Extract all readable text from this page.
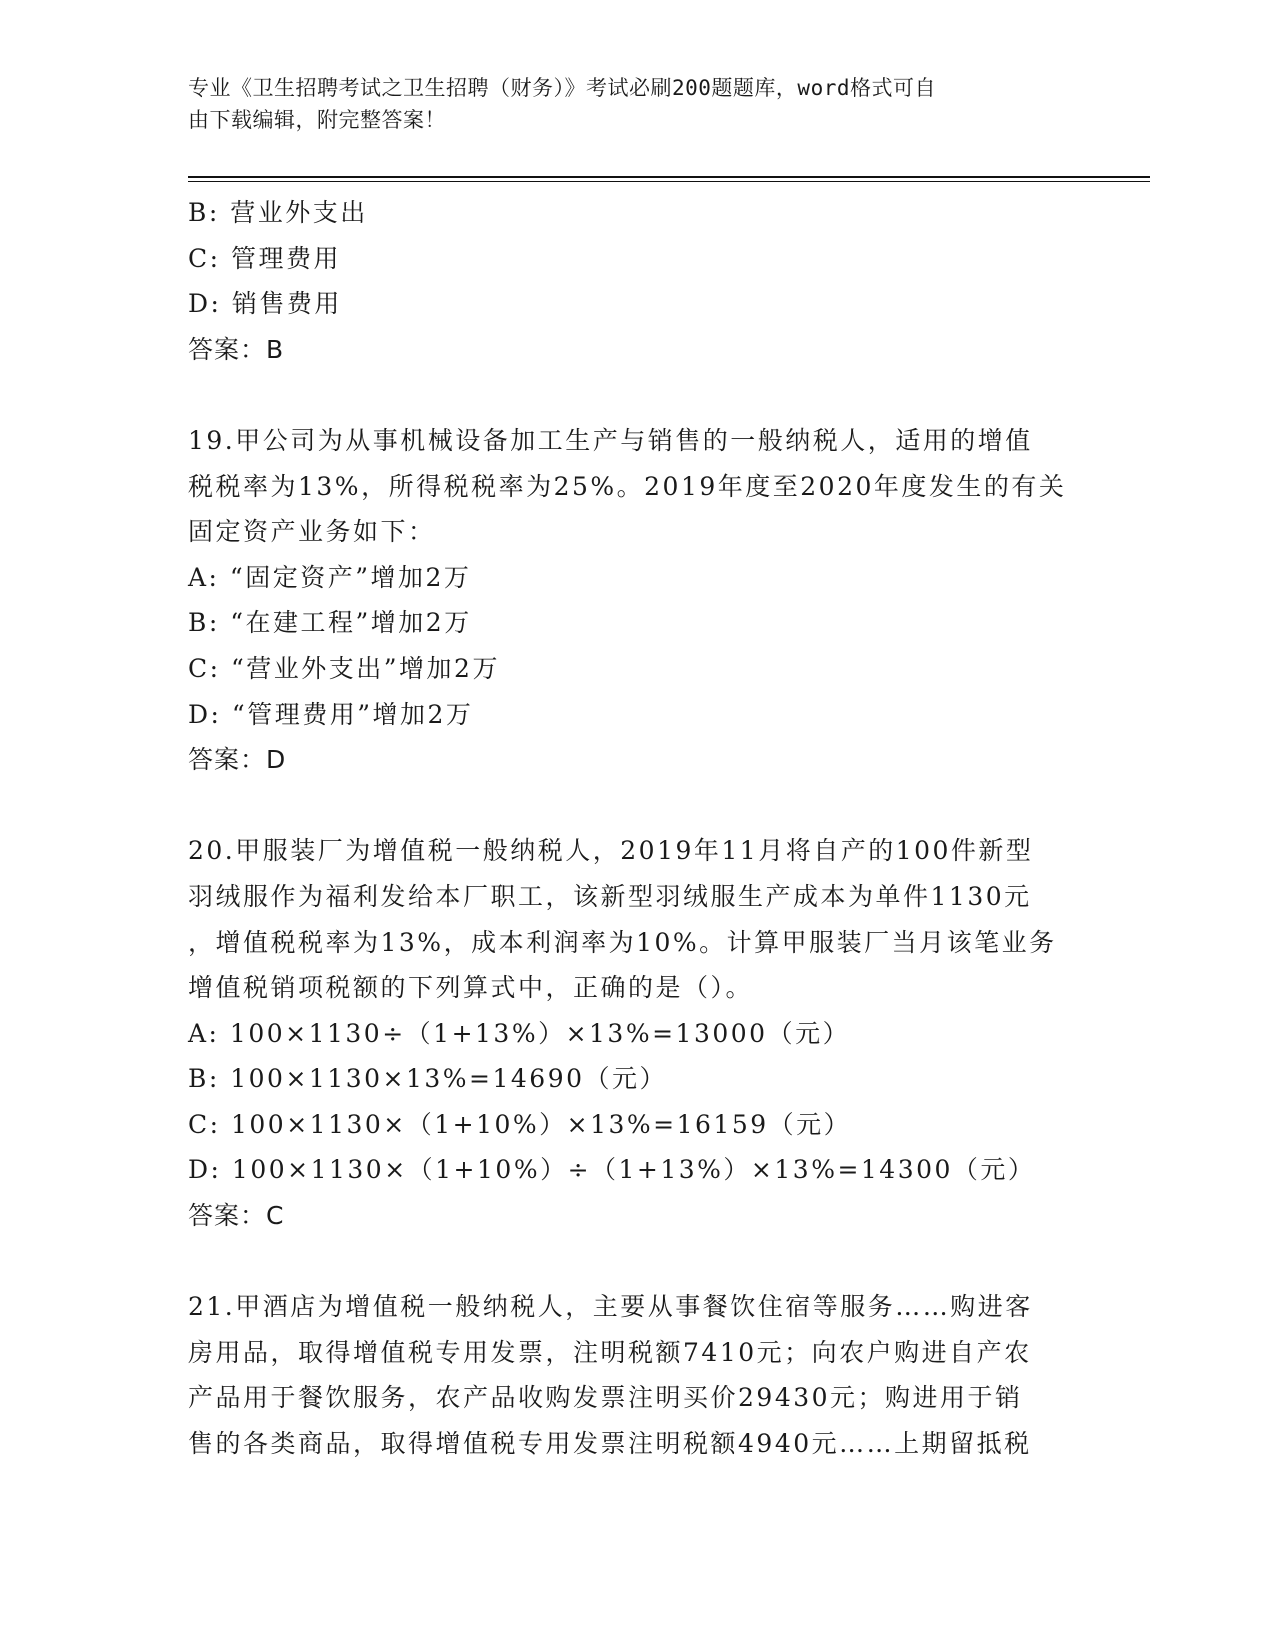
专业《卫生招聘考试之卫生招聘（财务）》考试必刷200题题库，word格式可自
由下载编辑，附完整答案！
B: 营业外支出
C: 管理费用
D: 销售费用
答案：B
19.甲公司为从事机械设备加工生产与销售的一般纳税人，适用的增值
税税率为13%，所得税税率为25%。2019年度至2020年度发生的有关
固定资产业务如下：
A: “固定资产”增加2万
B: “在建工程”增加2万
C: “营业外支出”增加2万
D: “管理费用”增加2万
答案：D
20.甲服装厂为增值税一般纳税人，2019年11月将自产的100件新型
羽绒服作为福利发给本厂职工，该新型羽绒服生产成本为单件1130元
，增值税税率为13%，成本利润率为10%。计算甲服装厂当月该笔业务
增值税销项税额的下列算式中，正确的是（）。
A: 100×1130÷（1+13%）×13%=13000（元）
B: 100×1130×13%=14690（元）
C: 100×1130×（1+10%）×13%=16159（元）
D: 100×1130×（1+10%）÷（1+13%）×13%=14300（元）
答案：C
21.甲酒店为增值税一般纳税人，主要从事餐饮住宿等服务……购进客
房用品，取得增值税专用发票，注明税额7410元；向农户购进自产农
产品用于餐饮服务，农产品收购发票注明买价29430元；购进用于销
售的各类商品，取得增值税专用发票注明税额4940元……上期留抵税
